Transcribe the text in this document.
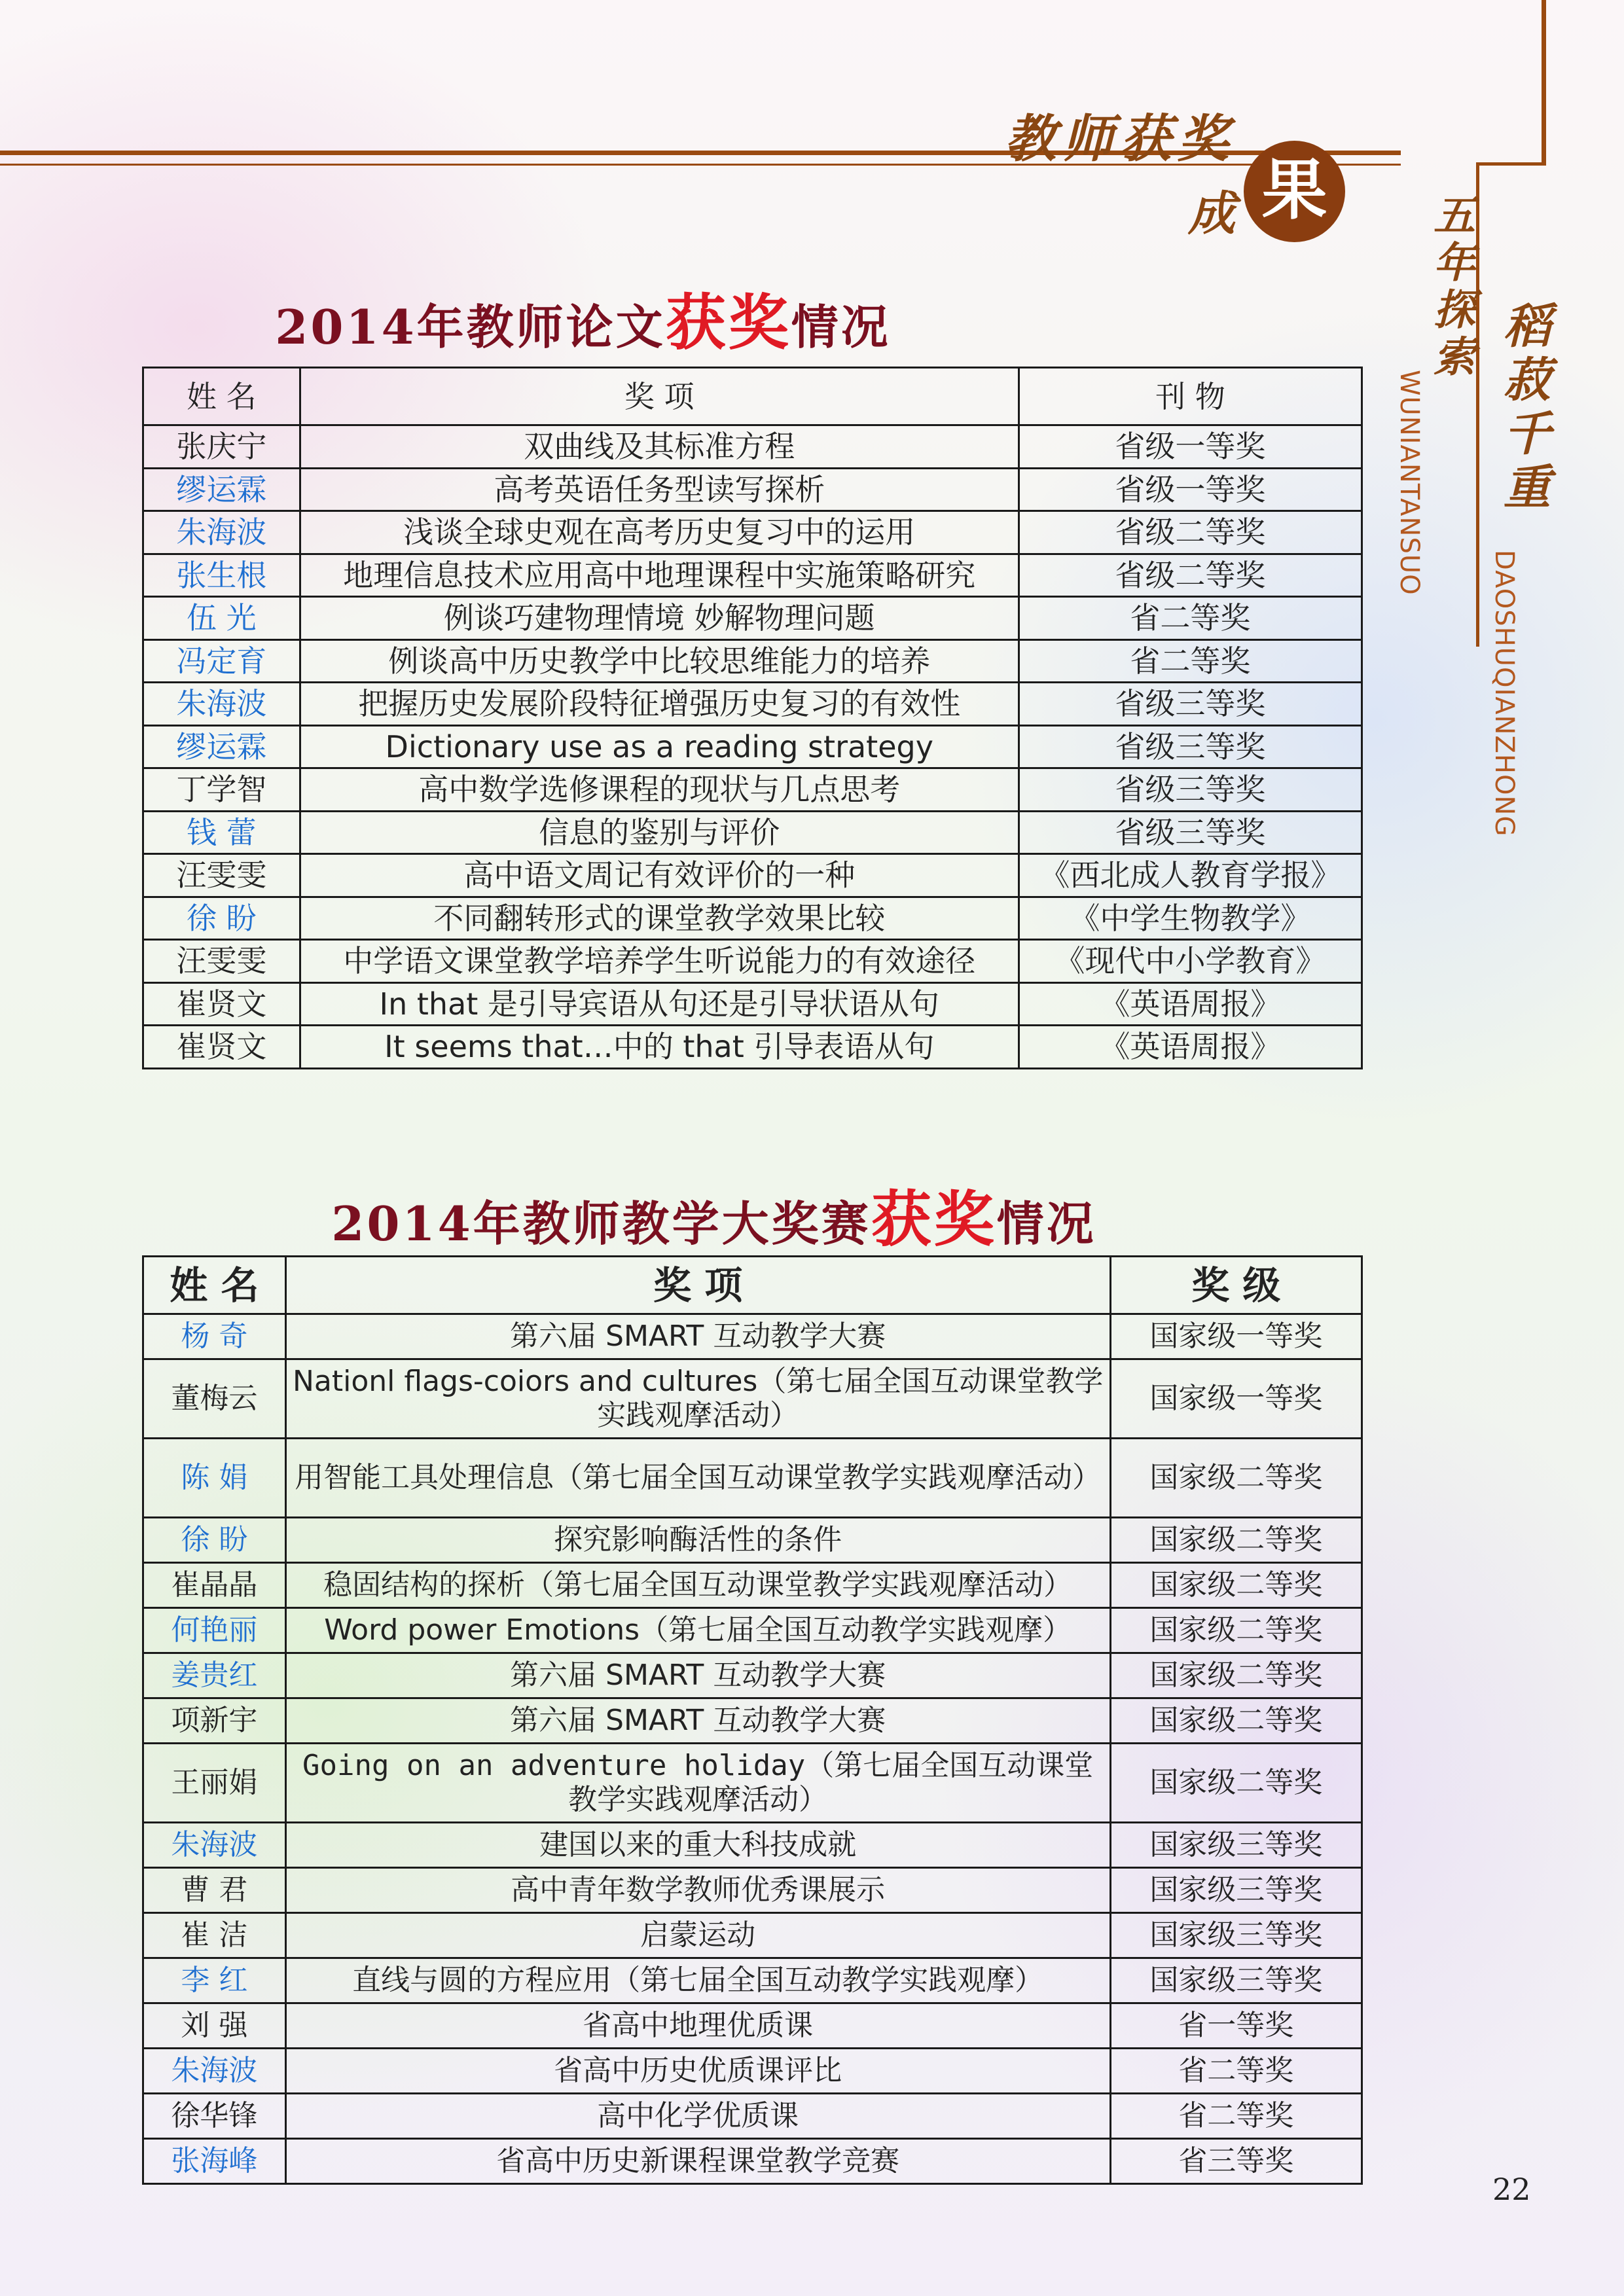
教师获奖
成 果
五年探索
稻菽千重
WUNIANTANSUO
DAOSHUQIANZHONG
2014年教师论文获奖情况
姓 名	奖 项	刊 物
张庆宁	双曲线及其标准方程	省级一等奖
缪运霖	高考英语任务型读写探析	省级一等奖
朱海波	浅谈全球史观在高考历史复习中的运用	省级二等奖
张生根	地理信息技术应用高中地理课程中实施策略研究	省级二等奖
伍 光	例谈巧建物理情境 妙解物理问题	省二等奖
冯定育	例谈高中历史教学中比较思维能力的培养	省二等奖
朱海波	把握历史发展阶段特征增强历史复习的有效性	省级三等奖
缪运霖	Dictionary use as a reading strategy	省级三等奖
丁学智	高中数学选修课程的现状与几点思考	省级三等奖
钱 蕾	信息的鉴别与评价	省级三等奖
汪雯雯	高中语文周记有效评价的一种	《西北成人教育学报》
徐 盼	不同翻转形式的课堂教学效果比较	《中学生物教学》
汪雯雯	中学语文课堂教学培养学生听说能力的有效途径	《现代中小学教育》
崔贤文	In that 是引导宾语从句还是引导状语从句	《英语周报》
崔贤文	It seems that…中的 that 引导表语从句	《英语周报》
2014年教师教学大奖赛获奖情况
姓 名	奖 项	奖 级
杨 奇	第六届 SMART 互动教学大赛	国家级一等奖
董梅云	Nationl flags-coiors and cultures（第七届全国互动课堂教学实践观摩活动）	国家级一等奖
陈 娟	用智能工具处理信息（第七届全国互动课堂教学实践观摩活动）	国家级二等奖
徐 盼	探究影响酶活性的条件	国家级二等奖
崔晶晶	稳固结构的探析（第七届全国互动课堂教学实践观摩活动）	国家级二等奖
何艳丽	Word power Emotions（第七届全国互动教学实践观摩）	国家级二等奖
姜贵红	第六届 SMART 互动教学大赛	国家级二等奖
项新宇	第六届 SMART 互动教学大赛	国家级二等奖
王丽娟	Going on an adventure holiday（第七届全国互动课堂教学实践观摩活动）	国家级二等奖
朱海波	建国以来的重大科技成就	国家级三等奖
曹 君	高中青年数学教师优秀课展示	国家级三等奖
崔 洁	启蒙运动	国家级三等奖
李 红	直线与圆的方程应用（第七届全国互动教学实践观摩）	国家级三等奖
刘 强	省高中地理优质课	省一等奖
朱海波	省高中历史优质课评比	省二等奖
徐华锋	高中化学优质课	省二等奖
张海峰	省高中历史新课程课堂教学竞赛	省三等奖
22
